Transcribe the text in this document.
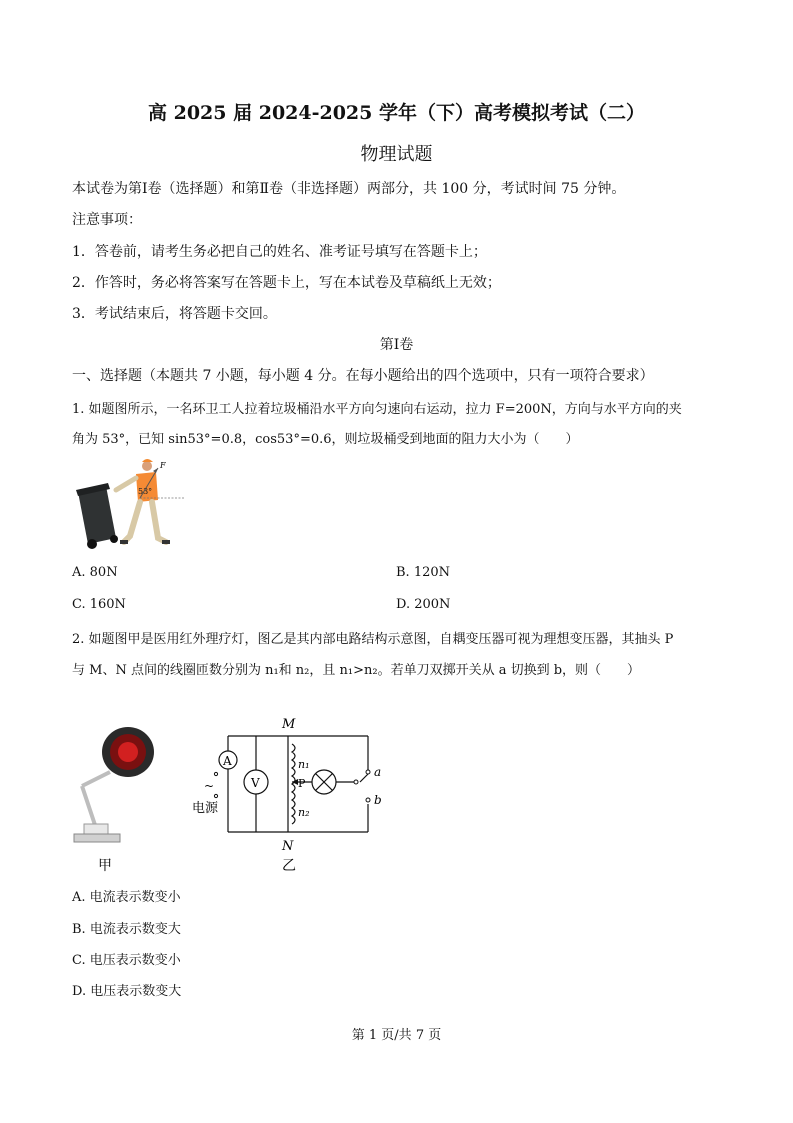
高 2025 届 2024-2025 学年（下）高考模拟考试（二）
物理试题
本试卷为第Ⅰ卷（选择题）和第Ⅱ卷（非选择题）两部分，共 100 分，考试时间 75 分钟。
注意事项：
1．答卷前，请考生务必把自己的姓名、准考证号填写在答题卡上；
2．作答时，务必将答案写在答题卡上，写在本试卷及草稿纸上无效；
3．考试结束后，将答题卡交回。
第Ⅰ卷
一、选择题（本题共 7 小题，每小题 4 分。在每小题给出的四个选项中，只有一项符合要求）
1. 如题图所示，一名环卫工人拉着垃圾桶沿水平方向匀速向右运动，拉力 F=200N，方向与水平方向的夹
角为 53°，已知 sin53°=0.8，cos53°=0.6，则垃圾桶受到地面的阻力大小为（　　）
F
53°
A. 80N	B. 120N
C. 160N	D. 200N
2. 如题图甲是医用红外理疗灯，图乙是其内部电路结构示意图，自耦变压器可视为理想变压器，其抽头 P
与 M、N 点间的线圈匝数分别为 n₁和 n₂，且 n₁>n₂。若单刀双掷开关从 a 切换到 b，则（　　）
甲
A
V
~
电源
M
N
n₁
P
n₂
a
b
乙
A. 电流表示数变小
B. 电流表示数变大
C. 电压表示数变小
D. 电压表示数变大
第 1 页/共 7 页
